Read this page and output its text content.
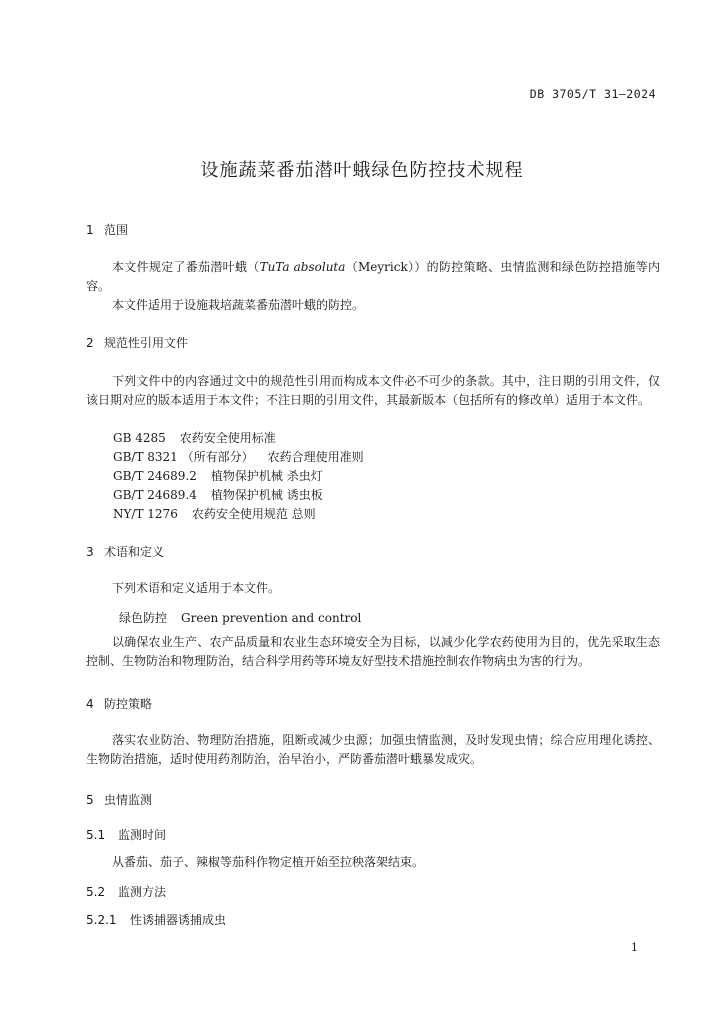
DB 3705/T 31—2024
设施蔬菜番茄潜叶蛾绿色防控技术规程
1 范围
本文件规定了番茄潜叶蛾（TuTa absoluta（Meyrick））的防控策略、虫情监测和绿色防控措施等内容。
本文件适用于设施栽培蔬菜番茄潜叶蛾的防控。
2 规范性引用文件
下列文件中的内容通过文中的规范性引用而构成本文件必不可少的条款。其中，注日期的引用文件，仅该日期对应的版本适用于本文件；不注日期的引用文件，其最新版本（包括所有的修改单）适用于本文件。
GB 4285 农药安全使用标准
GB/T 8321 （所有部分） 农药合理使用准则
GB/T 24689.2 植物保护机械 杀虫灯
GB/T 24689.4 植物保护机械 诱虫板
NY/T 1276 农药安全使用规范 总则
3 术语和定义
下列术语和定义适用于本文件。
绿色防控 Green prevention and control
以确保农业生产、农产品质量和农业生态环境安全为目标，以减少化学农药使用为目的，优先采取生态控制、生物防治和物理防治，结合科学用药等环境友好型技术措施控制农作物病虫为害的行为。
4 防控策略
落实农业防治、物理防治措施，阻断或减少虫源；加强虫情监测，及时发现虫情；综合应用理化诱控、生物防治措施，适时使用药剂防治，治早治小，严防番茄潜叶蛾暴发成灾。
5 虫情监测
5.1 监测时间
从番茄、茄子、辣椒等茄科作物定植开始至拉秧落架结束。
5.2 监测方法
5.2.1 性诱捕器诱捕成虫
1
